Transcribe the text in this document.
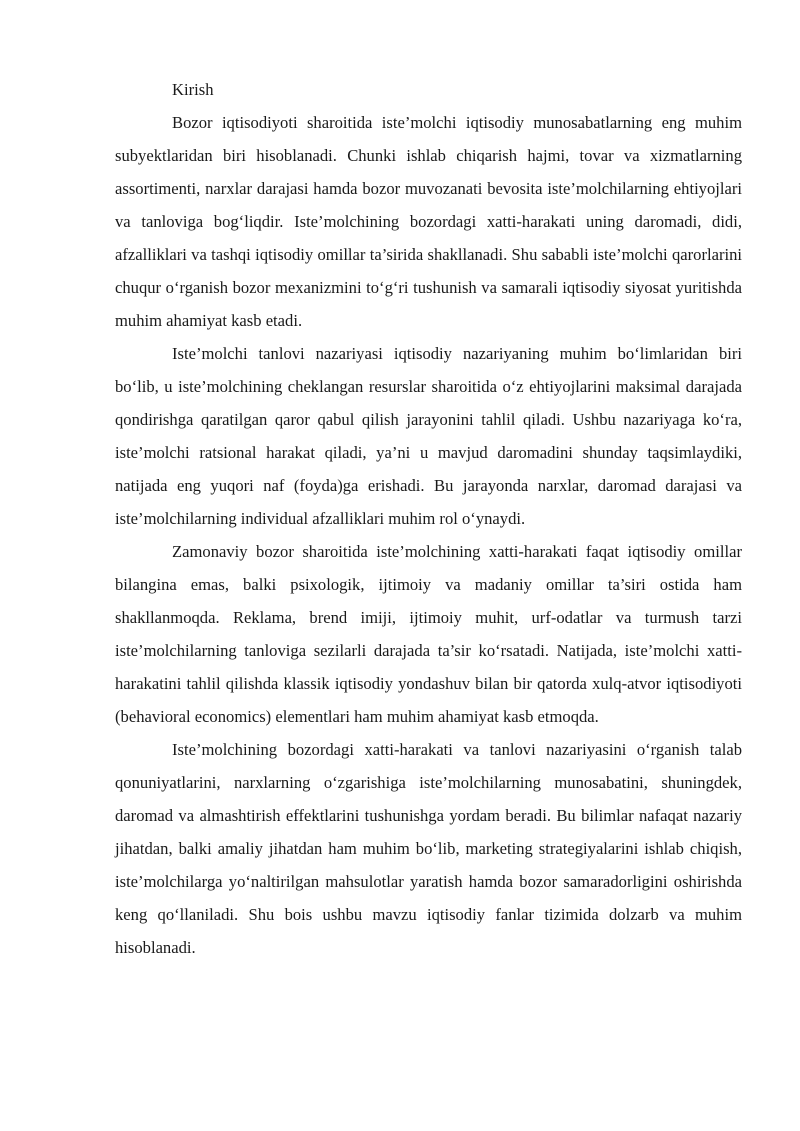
Kirish

Bozor iqtisodiyoti sharoitida iste’molchi iqtisodiy munosabatlarning eng muhim subyektlaridan biri hisoblanadi. Chunki ishlab chiqarish hajmi, tovar va xizmatlarning assortimenti, narxlar darajasi hamda bozor muvozanati bevosita iste’molchilarning ehtiyojlari va tanloviga bog‘liqdir. Iste’molchining bozordagi xatti-harakati uning daromadi, didi, afzalliklari va tashqi iqtisodiy omillar ta’sirida shakllanadi. Shu sababli iste’molchi qarorlarini chuqur o‘rganish bozor mexanizmini to‘g‘ri tushunish va samarali iqtisodiy siyosat yuritishda muhim ahamiyat kasb etadi.

Iste’molchi tanlovi nazariyasi iqtisodiy nazariyaning muhim bo‘limlaridan biri bo‘lib, u iste’molchining cheklangan resurslar sharoitida o‘z ehtiyojlarini maksimal darajada qondirishga qaratilgan qaror qabul qilish jarayonini tahlil qiladi. Ushbu nazariyaga ko‘ra, iste’molchi ratsional harakat qiladi, ya’ni u mavjud daromadini shunday taqsimlaydiki, natijada eng yuqori naf (foyda)ga erishadi. Bu jarayonda narxlar, daromad darajasi va iste’molchilarning individual afzalliklari muhim rol o‘ynaydi.

Zamonaviy bozor sharoitida iste’molchining xatti-harakati faqat iqtisodiy omillar bilangina emas, balki psixologik, ijtimoiy va madaniy omillar ta’siri ostida ham shakllanmoqda. Reklama, brend imiji, ijtimoiy muhit, urf-odatlar va turmush tarzi iste’molchilarning tanloviga sezilarli darajada ta’sir ko‘rsatadi. Natijada, iste’molchi xatti-harakatini tahlil qilishda klassik iqtisodiy yondashuv bilan bir qatorda xulq-atvor iqtisodiyoti (behavioral economics) elementlari ham muhim ahamiyat kasb etmoqda.

Iste’molchining bozordagi xatti-harakati va tanlovi nazariyasini o‘rganish talab qonuniyatlarini, narxlarning o‘zgarishiga iste’molchilarning munosabatini, shuningdek, daromad va almashtirish effektlarini tushunishga yordam beradi. Bu bilimlar nafaqat nazariy jihatdan, balki amaliy jihatdan ham muhim bo‘lib, marketing strategiyalarini ishlab chiqish, iste’molchilarga yo‘naltirilgan mahsulotlar yaratish hamda bozor samaradorligini oshirishda keng qo‘llaniladi. Shu bois ushbu mavzu iqtisodiy fanlar tizimida dolzarb va muhim hisoblanadi.
